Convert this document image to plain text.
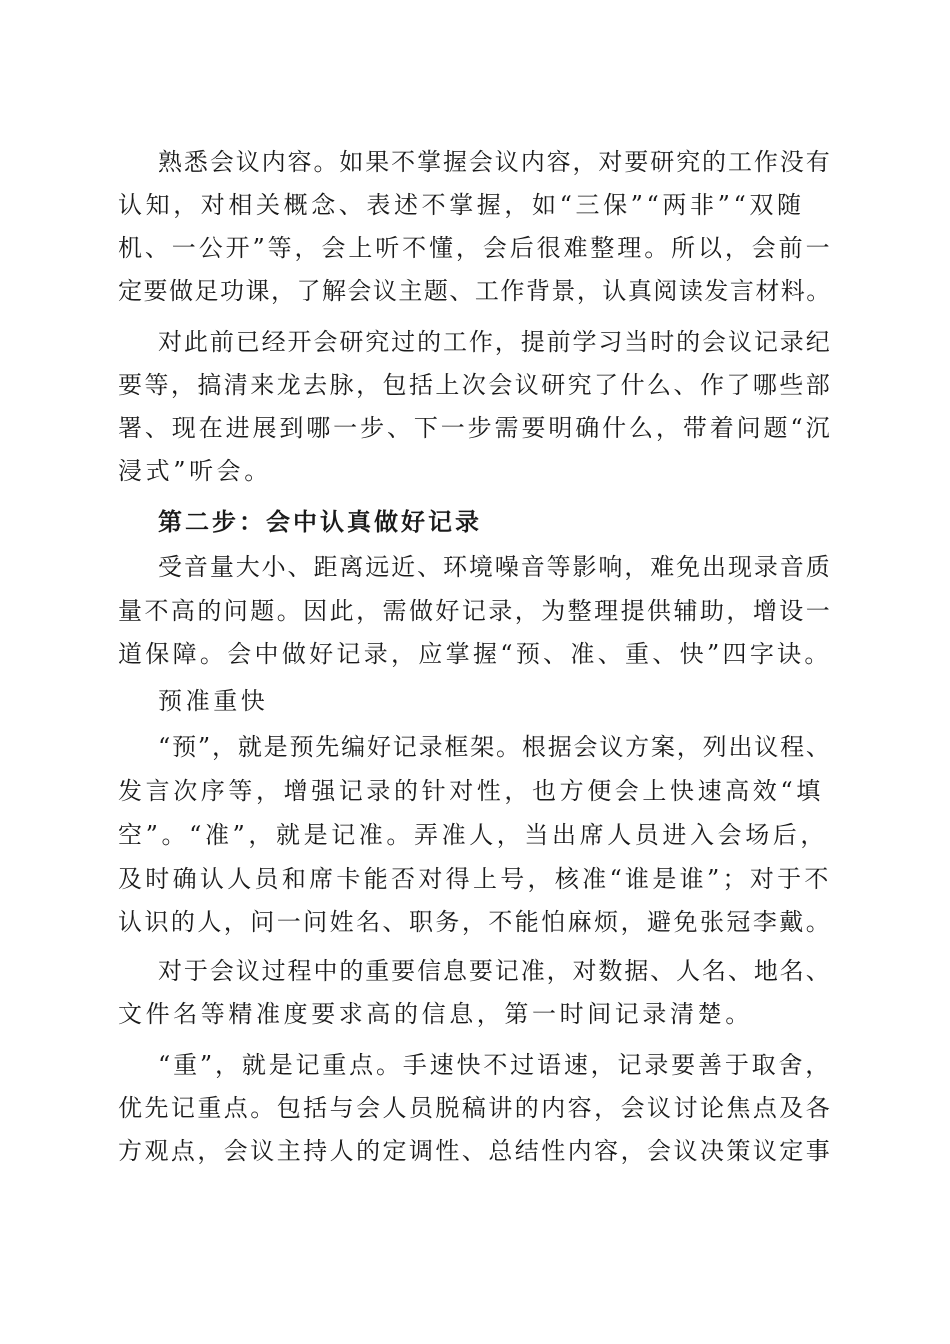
熟悉会议内容。如果不掌握会议内容，对要研究的工作没有
认知，对相关概念、表述不掌握，如“三保”“两非”“双随
机、一公开”等，会上听不懂，会后很难整理。所以，会前一
定要做足功课，了解会议主题、工作背景，认真阅读发言材料。
对此前已经开会研究过的工作，提前学习当时的会议记录纪
要等，搞清来龙去脉，包括上次会议研究了什么、作了哪些部
署、现在进展到哪一步、下一步需要明确什么，带着问题“沉
浸式”听会。
第二步：会中认真做好记录
受音量大小、距离远近、环境噪音等影响，难免出现录音质
量不高的问题。因此，需做好记录，为整理提供辅助，增设一
道保障。会中做好记录，应掌握“预、准、重、快”四字诀。
预准重快
“预”，就是预先编好记录框架。根据会议方案，列出议程、
发言次序等，增强记录的针对性，也方便会上快速高效“填
空”。“准”，就是记准。弄准人，当出席人员进入会场后，
及时确认人员和席卡能否对得上号，核准“谁是谁”；对于不
认识的人，问一问姓名、职务，不能怕麻烦，避免张冠李戴。
对于会议过程中的重要信息要记准，对数据、人名、地名、
文件名等精准度要求高的信息，第一时间记录清楚。
“重”，就是记重点。手速快不过语速，记录要善于取舍，
优先记重点。包括与会人员脱稿讲的内容，会议讨论焦点及各
方观点，会议主持人的定调性、总结性内容，会议决策议定事
